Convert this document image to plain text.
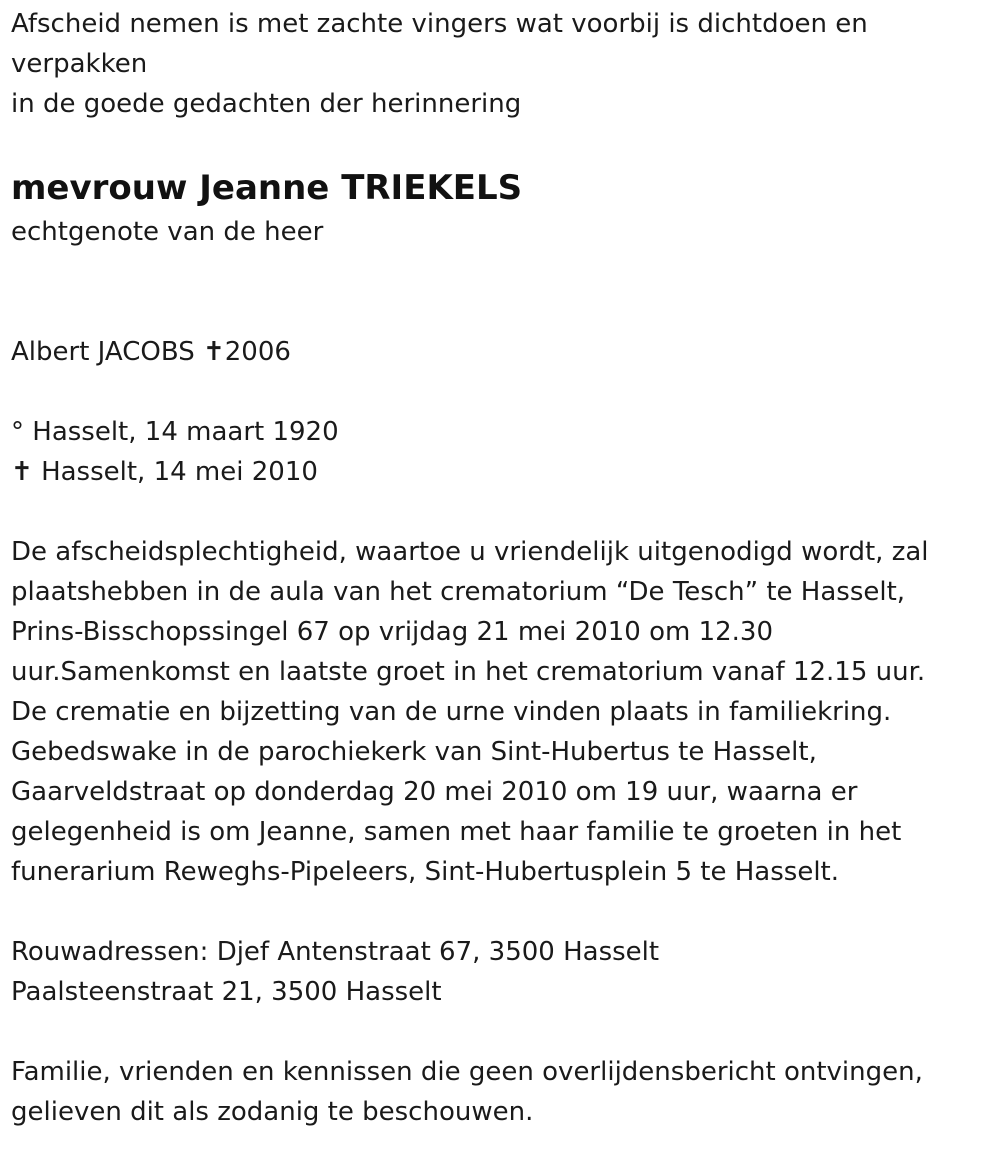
Afscheid nemen is met zachte vingers wat voorbij is dichtdoen en
verpakken
in de goede gedachten der herinnering
mevrouw Jeanne TRIEKELS
echtgenote van de heer
Albert JACOBS ✝2006
° Hasselt, 14 maart 1920
✝ Hasselt, 14 mei 2010
De afscheidsplechtigheid, waartoe u vriendelijk uitgenodigd wordt, zal
plaatshebben in de aula van het crematorium “De Tesch” te Hasselt,
Prins-Bisschopssingel 67 op vrijdag 21 mei 2010 om 12.30
uur.Samenkomst en laatste groet in het crematorium vanaf 12.15 uur.
De crematie en bijzetting van de urne vinden plaats in familiekring.
Gebedswake in de parochiekerk van Sint-Hubertus te Hasselt,
Gaarveldstraat op donderdag 20 mei 2010 om 19 uur, waarna er
gelegenheid is om Jeanne, samen met haar familie te groeten in het
funerarium Reweghs-Pipeleers, Sint-Hubertusplein 5 te Hasselt.
Rouwadressen: Djef Antenstraat 67, 3500 Hasselt
Paalsteenstraat 21, 3500 Hasselt
Familie, vrienden en kennissen die geen overlijdensbericht ontvingen,
gelieven dit als zodanig te beschouwen.
